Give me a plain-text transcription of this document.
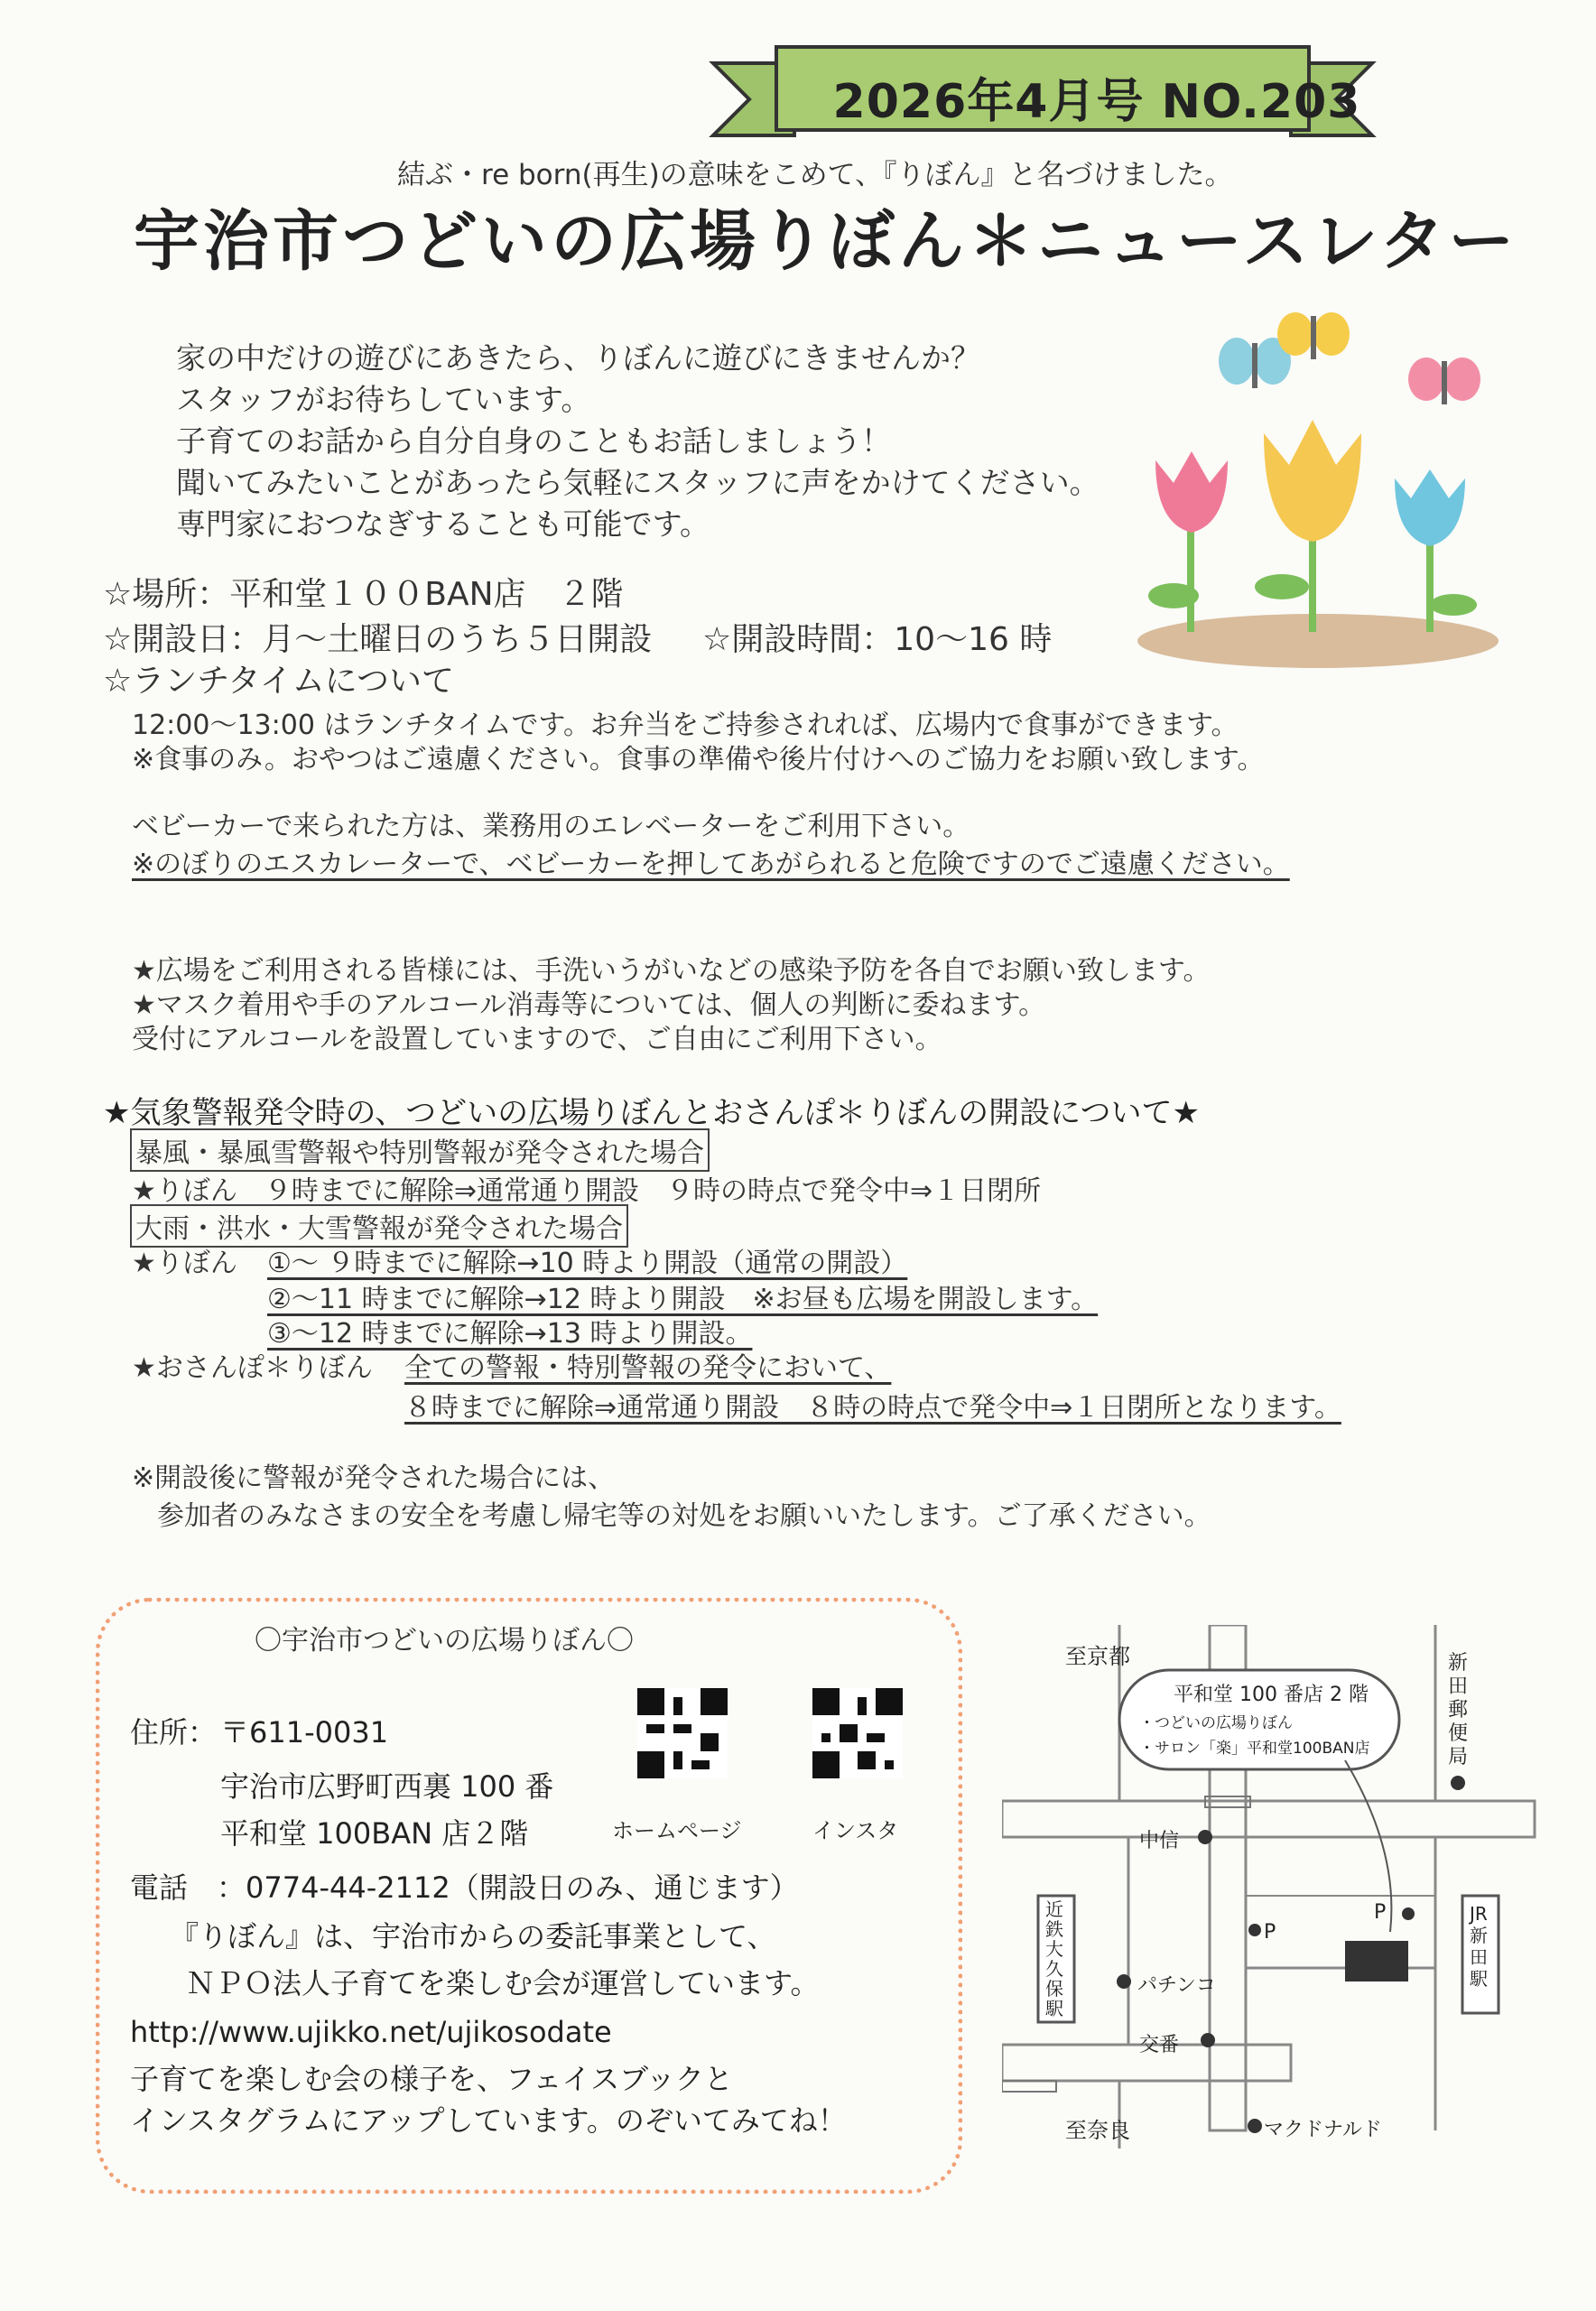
2026年4月号 NO.203
結ぶ・re born(再生)の意味をこめて、『りぼん』と名づけました。
宇治市つどいの広場りぼん＊ニュースレター
家の中だけの遊びにあきたら、りぼんに遊びにきませんか？
スタッフがお待ちしています。
子育てのお話から自分自身のこともお話しましょう！
聞いてみたいことがあったら気軽にスタッフに声をかけてください。
専門家におつなぎすることも可能です。
☆場所：平和堂１００BAN店　２階
☆開設日：月～土曜日のうち５日開設 ☆開設時間：10～16 時
☆ランチタイムについて
12:00～13:00 はランチタイムです。お弁当をご持参されれば、広場内で食事ができます。
※食事のみ。おやつはご遠慮ください。食事の準備や後片付けへのご協力をお願い致します。
ベビーカーで来られた方は、業務用のエレベーターをご利用下さい。
※のぼりのエスカレーターで、ベビーカーを押してあがられると危険ですのでご遠慮ください。
★広場をご利用される皆様には、手洗いうがいなどの感染予防を各自でお願い致します。
★マスク着用や手のアルコール消毒等については、個人の判断に委ねます。
受付にアルコールを設置していますので、ご自由にご利用下さい。
★気象警報発令時の、つどいの広場りぼんとおさんぽ＊りぼんの開設について★
暴風・暴風雪警報や特別警報が発令された場合
★りぼん　９時までに解除⇒通常通り開設　９時の時点で発令中⇒１日閉所
大雨・洪水・大雪警報が発令された場合
★りぼん ①～ ９時までに解除→10 時より開設（通常の開設）
②～11 時までに解除→12 時より開設　※お昼も広場を開設します。
③～12 時までに解除→13 時より開設。
★おさんぽ＊りぼん 全ての警報・特別警報の発令において、
８時までに解除⇒通常通り開設　８時の時点で発令中⇒１日閉所となります。
※開設後に警報が発令された場合には、
参加者のみなさまの安全を考慮し帰宅等の対処をお願いいたします。ご了承ください。
〇宇治市つどいの広場りぼん〇
住所： 〒611-0031
宇治市広野町西裏 100 番
平和堂 100BAN 店２階	ホームページ	インスタ
電話　：0774-44-2112（開設日のみ、通じます）
『りぼん』は、宇治市からの委託事業として、
ＮＰＯ法人子育てを楽しむ会が運営しています。
http://www.ujikko.net/ujikosodate
子育てを楽しむ会の様子を、フェイスブックと
インスタグラムにアップしています。のぞいてみてね！
至京都
至奈良
平和堂 100 番店 2 階
・つどいの広場りぼん
・サロン「楽」平和堂100BAN店
新田郵便局
中信
パチンコ
交番
マクドナルド
P
P
近鉄大久保駅
JR新田駅
